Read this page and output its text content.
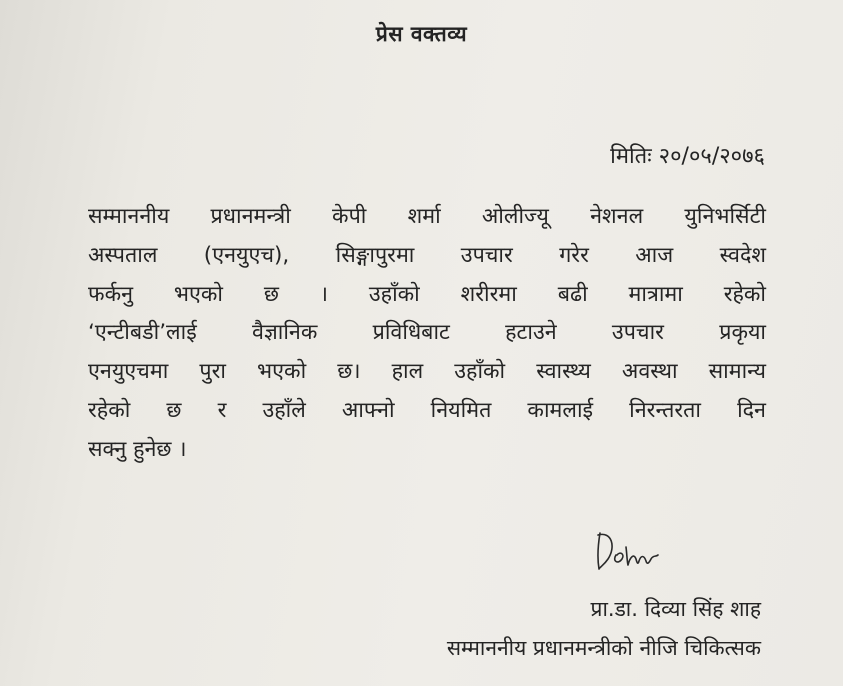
प्रेस वक्तव्य
मितिः २०/०५/२०७६
सम्माननीय प्रधानमन्त्री केपी शर्मा ओलीज्यू नेशनल युनिभर्सिटी
अस्पताल (एनयुएच), सिङ्गापुरमा उपचार गरेर आज स्वदेश
फर्कनु भएको छ । उहाँको शरीरमा बढी मात्रामा रहेको
‘एन्टीबडी’लाई वैज्ञानिक प्रविधिबाट हटाउने उपचार प्रकृया
एनयुएचमा पुरा भएको छ। हाल उहाँको स्वास्थ्य अवस्था सामान्य
रहेको छ र उहाँले आफ्नो नियमित कामलाई निरन्तरता दिन
सक्नु हुनेछ ।
प्रा.डा. दिव्या सिंह शाह
सम्माननीय प्रधानमन्त्रीको नीजि चिकित्सक
